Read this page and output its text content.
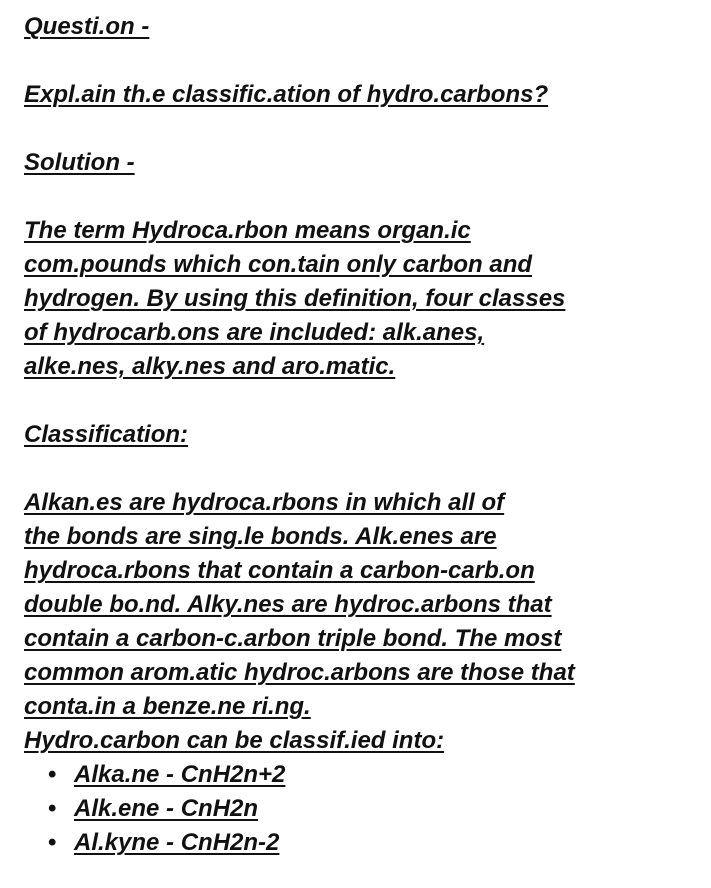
Questi.on -
Expl.ain th.e classific.ation of hydro.carbons?
Solution -
The term Hydroca.rbon means organ.ic
com.pounds which con.tain only carbon and
hydrogen. By using this definition, four classes
of hydrocarb.ons are included: alk.anes,
alke.nes, alky.nes and aro.matic.
Classification:
Alkan.es are hydroca.rbons in which all of
the bonds are sing.le bonds. Alk.enes are
hydroca.rbons that contain a carbon-carb.on
double bo.nd. Alky.nes are hydroc.arbons that
contain a carbon-c.arbon triple bond. The most
common arom.atic hydroc.arbons are those that
conta.in a benze.ne ri.ng.
Hydro.carbon can be classif.ied into:
• Alka.ne - CnH2n+2
• Alk.ene - CnH2n
• Al.kyne - CnH2n-2
